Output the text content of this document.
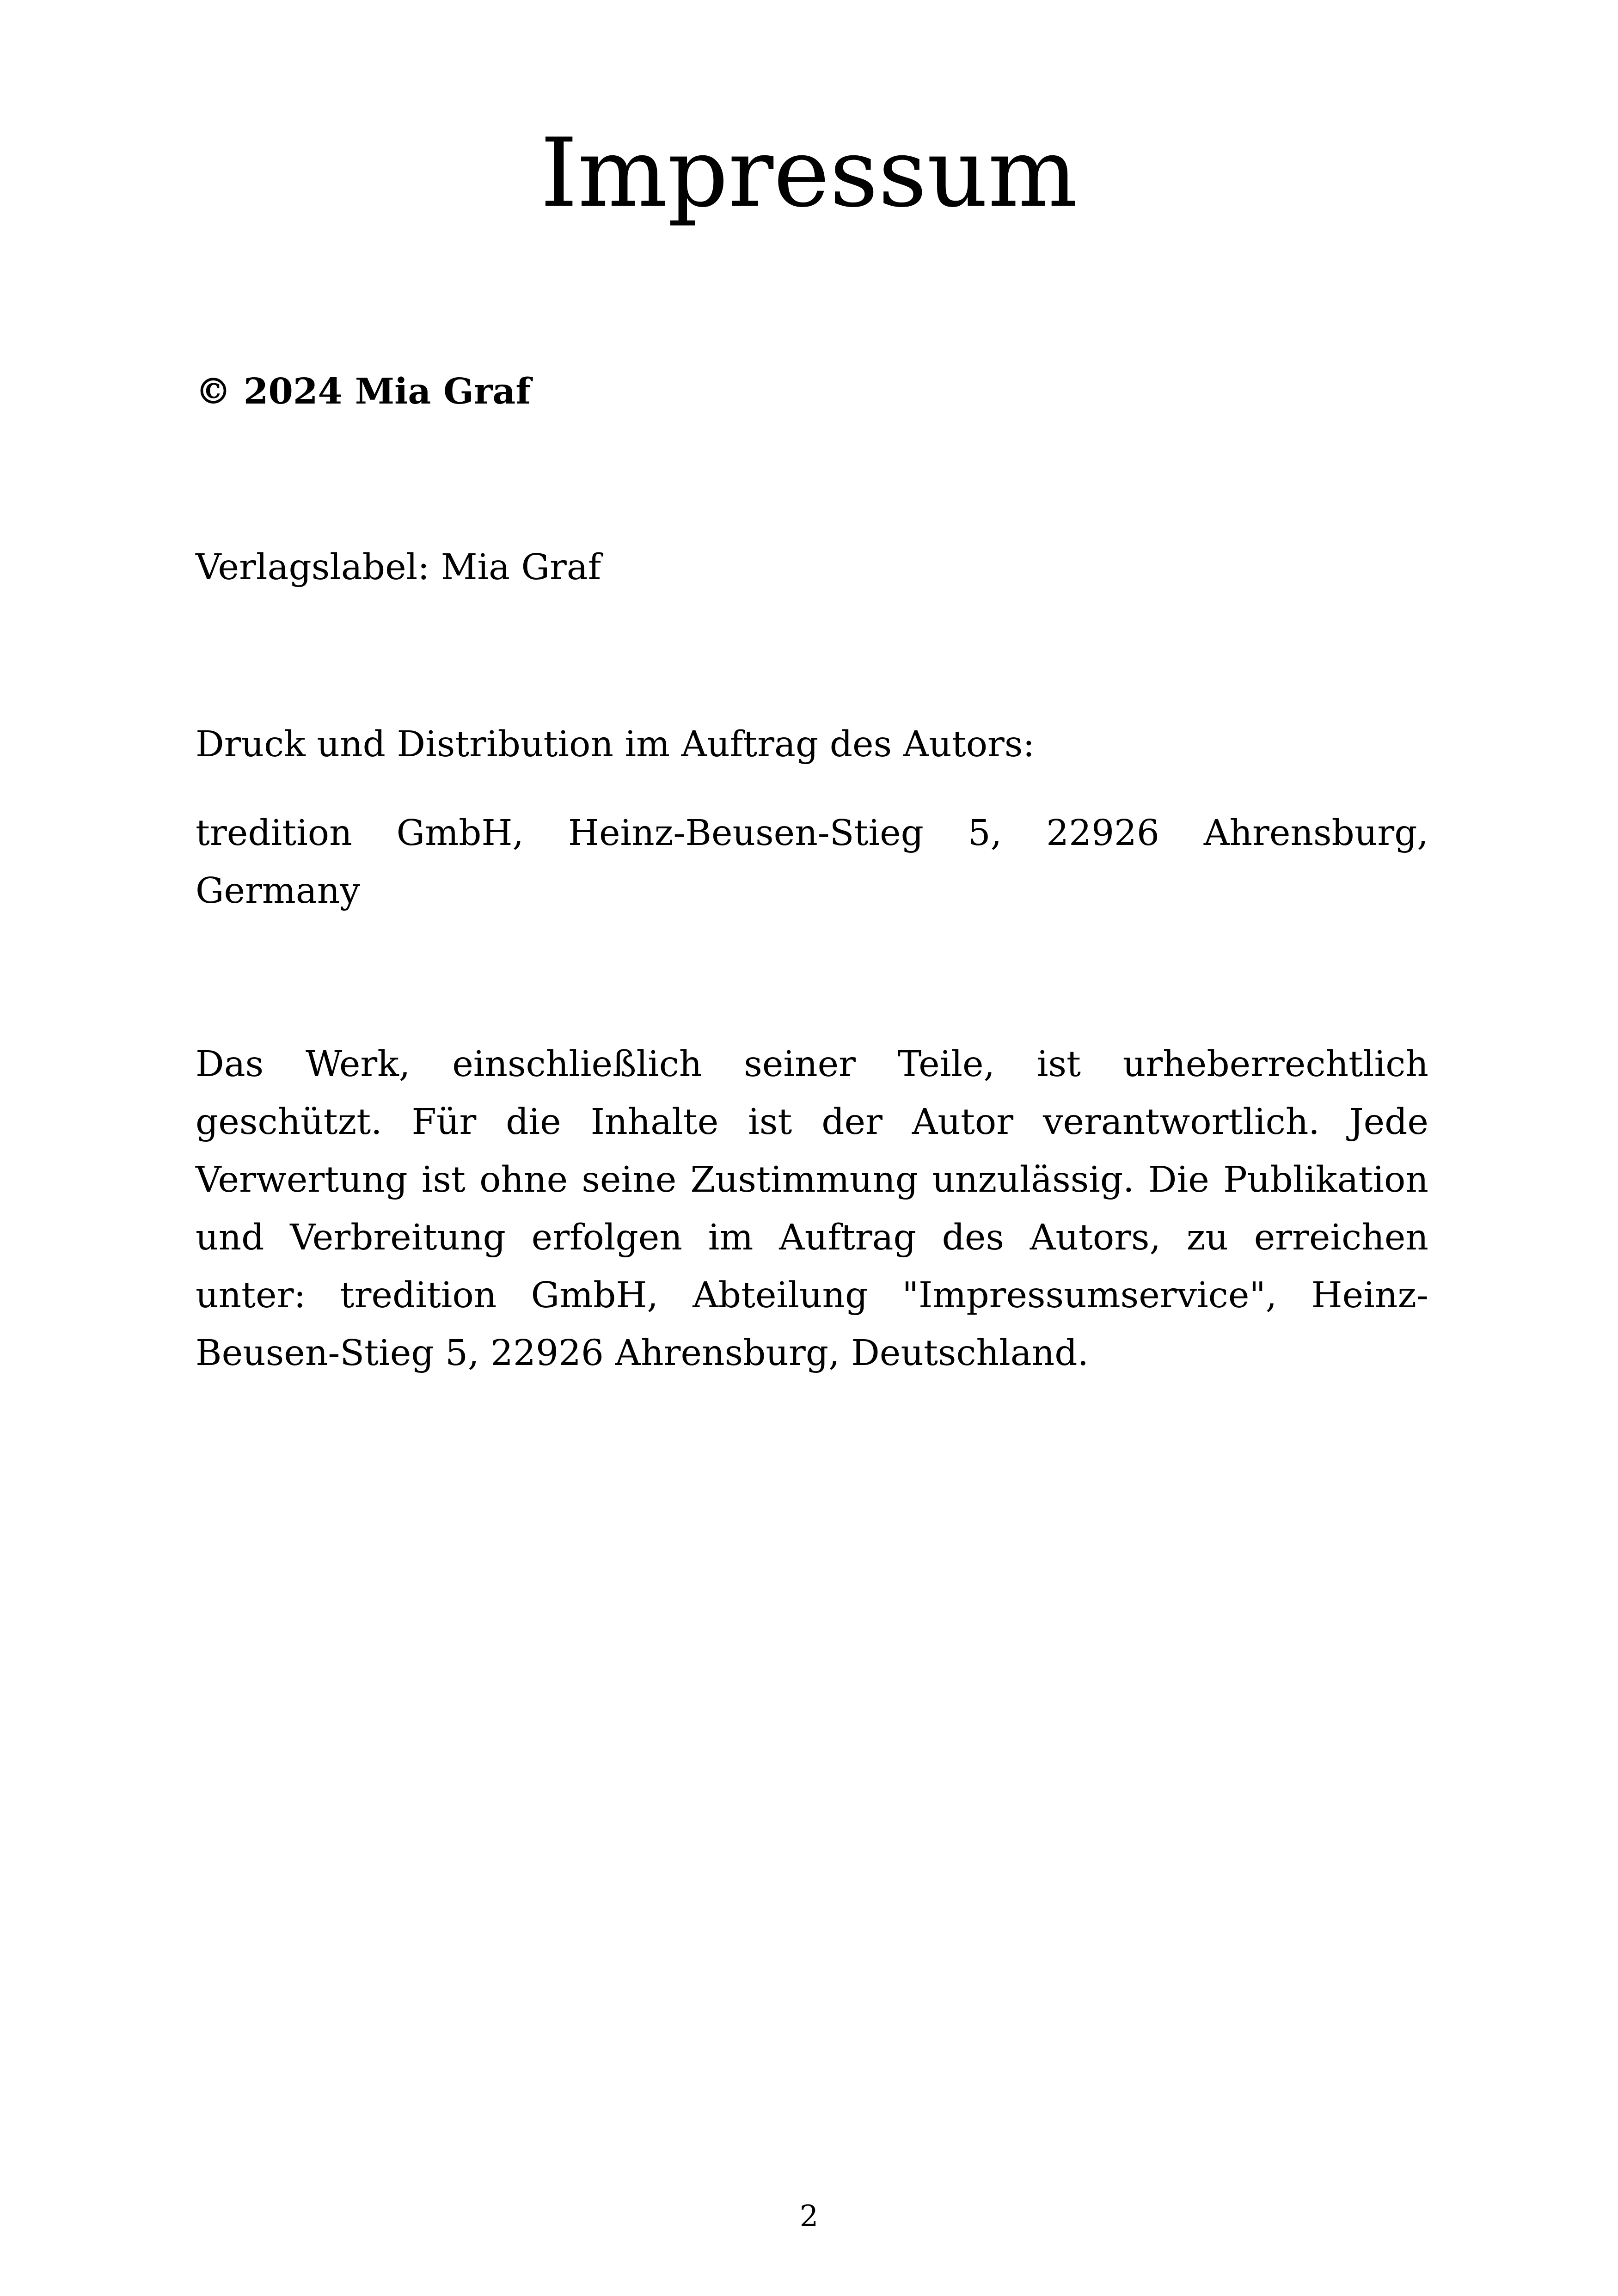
Impressum

© 2024 Mia Graf

Verlagslabel: Mia Graf

Druck und Distribution im Auftrag des Autors:

tredition GmbH, Heinz-Beusen-Stieg 5, 22926 Ahrensburg, Germany

Das Werk, einschließlich seiner Teile, ist urheberrechtlich geschützt. Für die Inhalte ist der Autor verantwortlich. Jede Verwertung ist ohne seine Zustimmung unzulässig. Die Publikation und Verbreitung erfolgen im Auftrag des Autors, zu erreichen unter: tredition GmbH, Abteilung "Impressumservice", Heinz-Beusen-Stieg 5, 22926 Ahrensburg, Deutschland.

2
